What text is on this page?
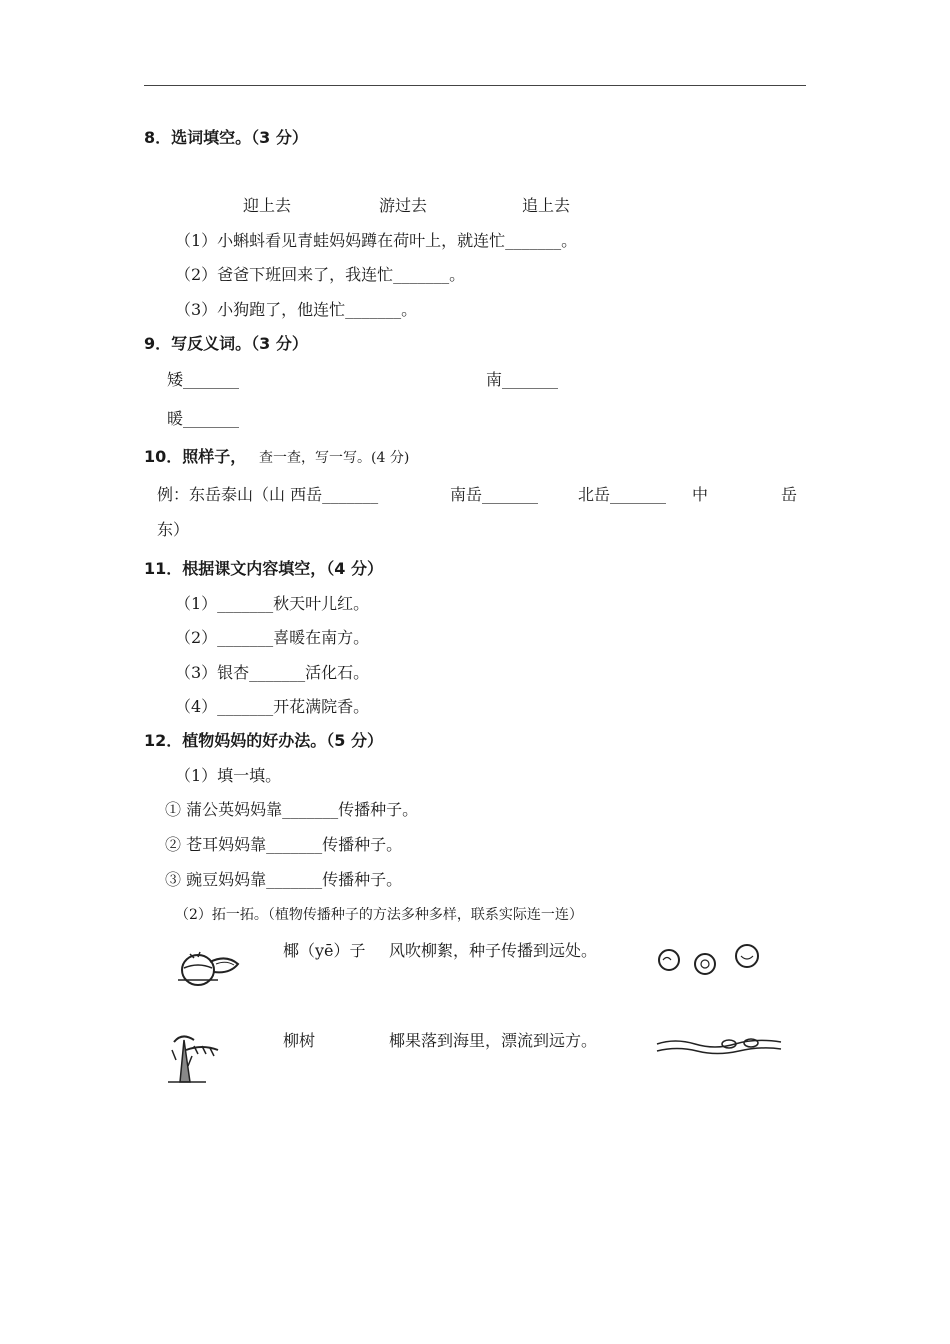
8．选词填空。（3 分）
迎上去	游过去	追上去
（1）小蝌蚪看见青蛙妈妈蹲在荷叶上，就连忙_______。
（2）爸爸下班回来了，我连忙_______。
（3）小狗跑了，他连忙_______。
9．写反义词。（3 分）
矮_______	南_______
暖_______
10．照样子， 查一查，写一写。(4 分)
例：东岳泰山（山 西岳_______	南岳_______ 北岳_______ 中	岳
东）
11．根据课文内容填空，（4 分）
（1）_______秋天叶儿红。
（2）_______喜暖在南方。
（3）银杏_______活化石。
（4）_______开花满院香。
12．植物妈妈的好办法。（5 分）
（1）填一填。
① 蒲公英妈妈靠_______传播种子。
② 苍耳妈妈靠_______传播种子。
③ 豌豆妈妈靠_______传播种子。
（2）拓一拓。（植物传播种子的方法多种多样，联系实际连一连）
椰（yē）子 风吹柳絮，种子传播到远处。
柳树	椰果落到海里，漂流到远方。
